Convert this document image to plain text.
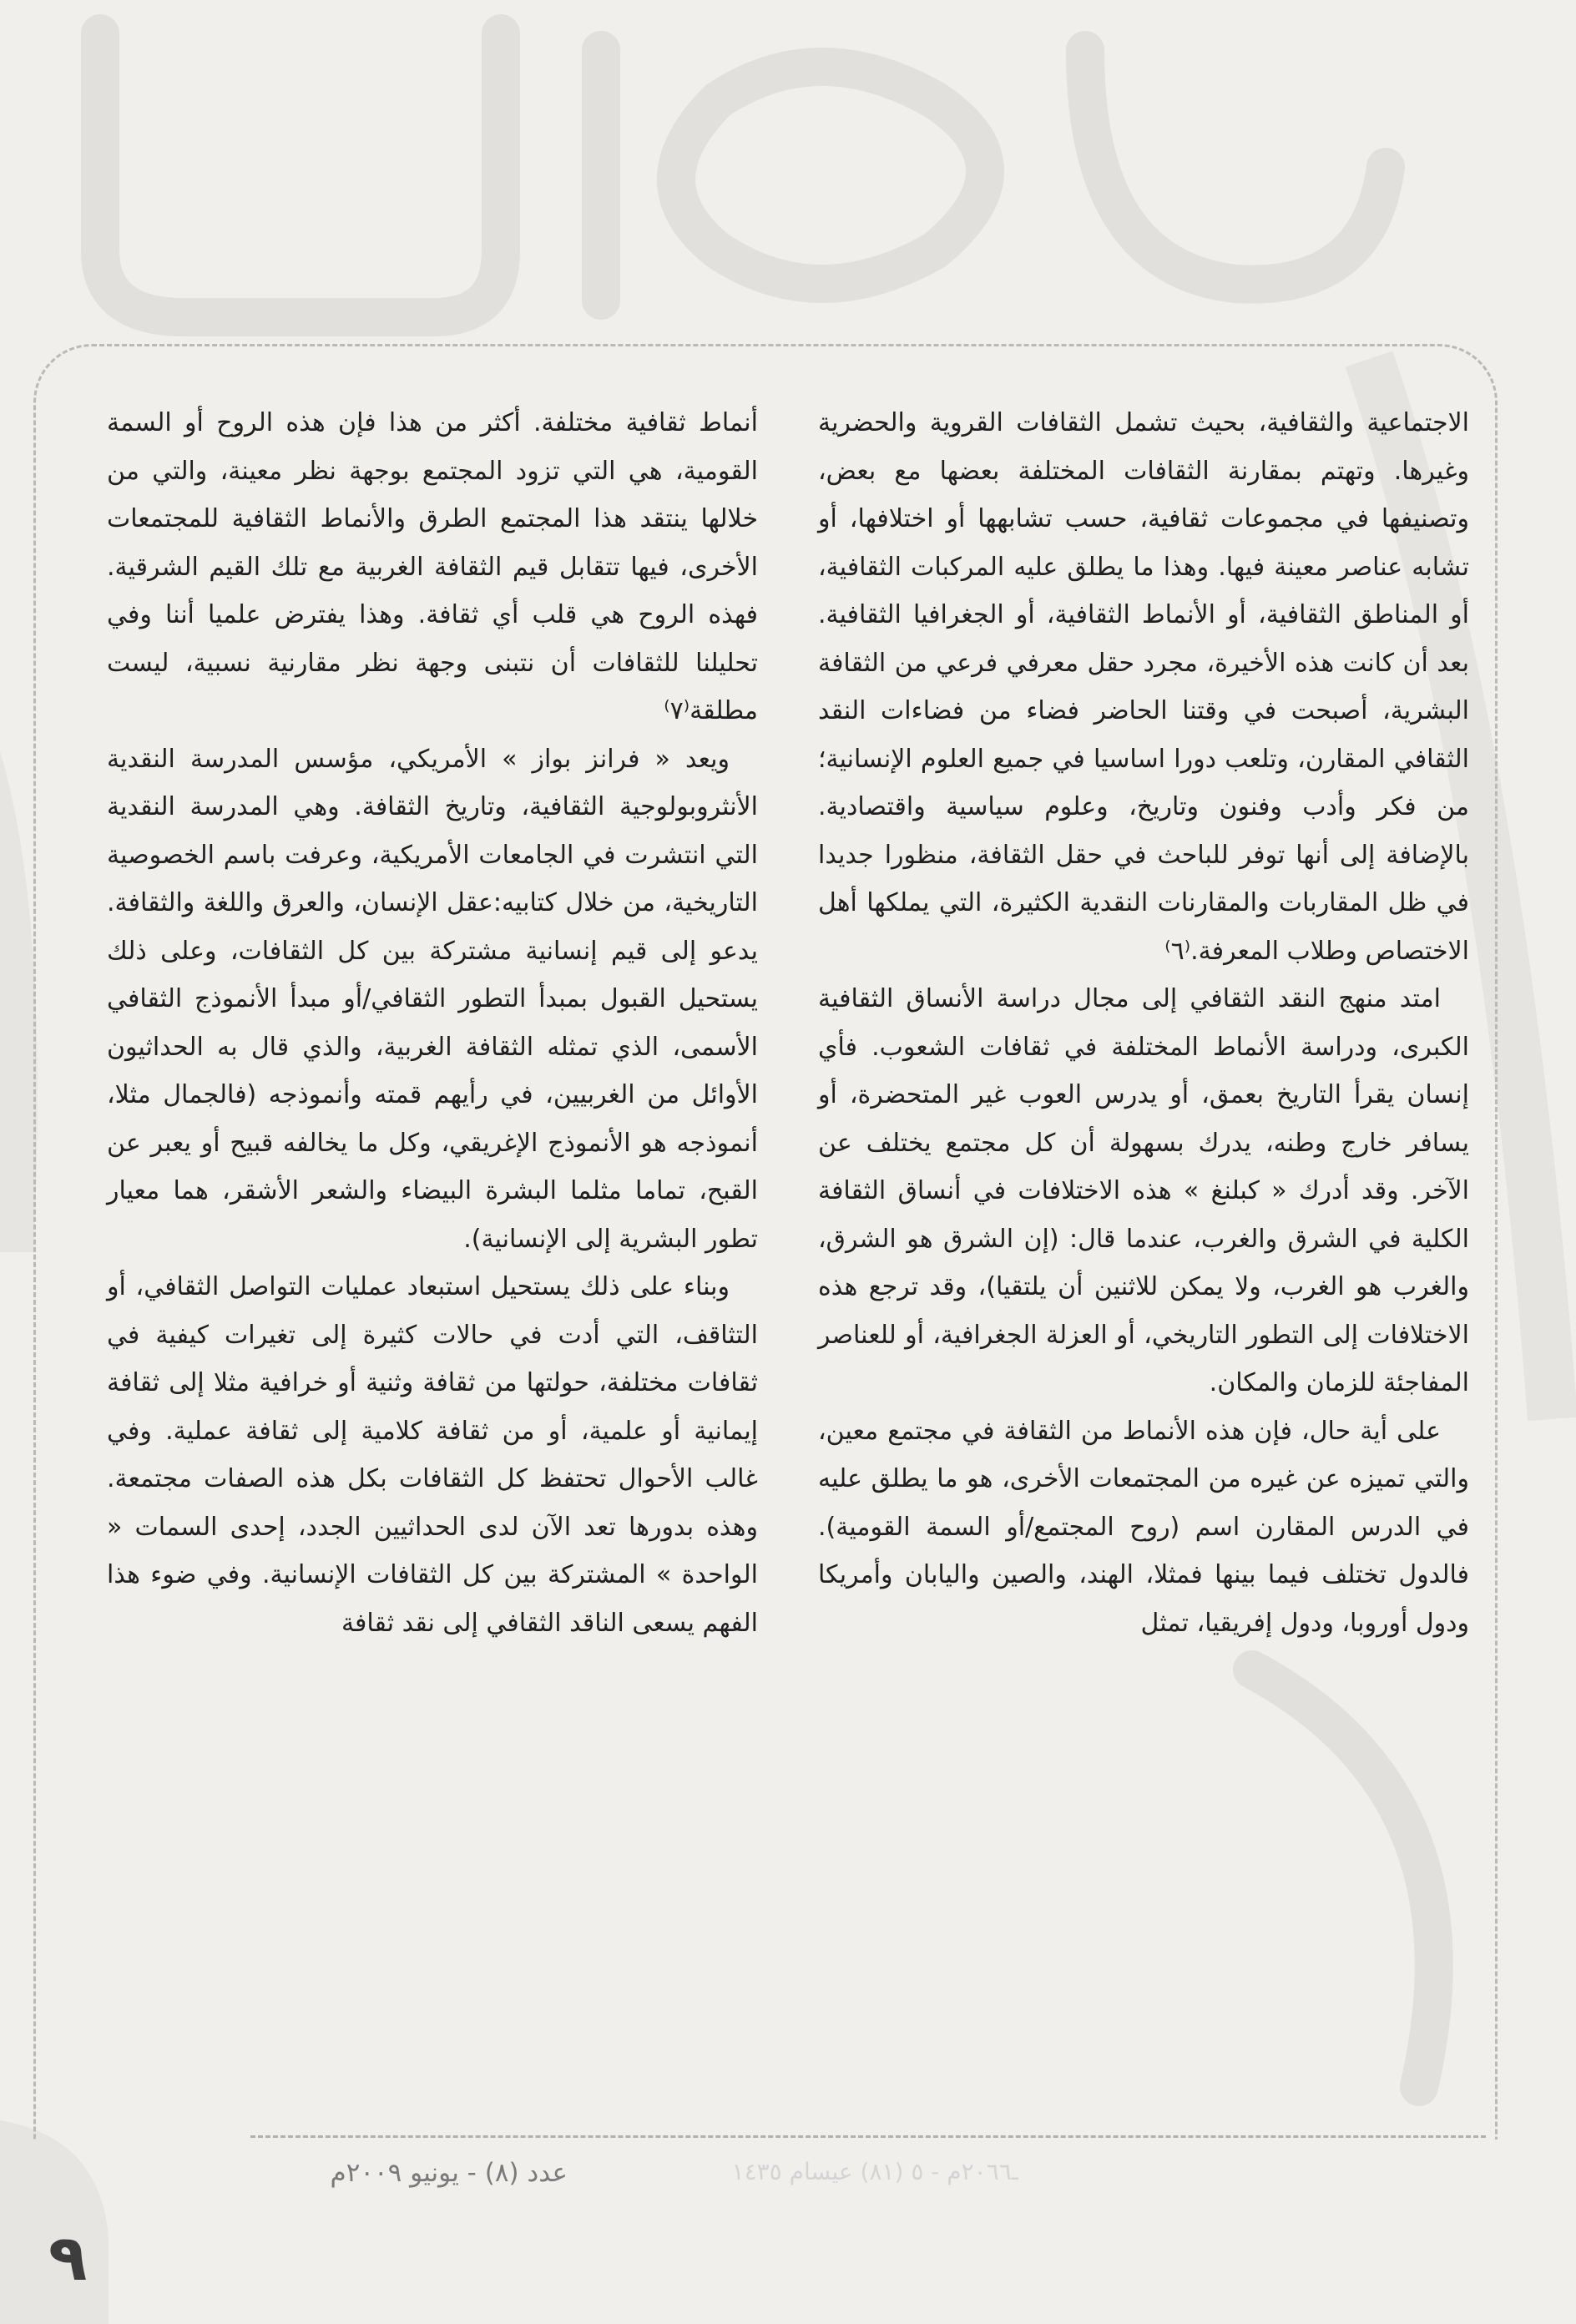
الاجتماعية والثقافية، بحيث تشمل الثقافات القروية والحضرية وغيرها. وتهتم بمقارنة الثقافات المختلفة بعضها مع بعض، وتصنيفها في مجموعات ثقافية، حسب تشابهها أو اختلافها، أو تشابه عناصر معينة فيها. وهذا ما يطلق عليه المركبات الثقافية، أو المناطق الثقافية، أو الأنماط الثقافية، أو الجغرافيا الثقافية. بعد أن كانت هذه الأخيرة، مجرد حقل معرفي فرعي من الثقافة البشرية، أصبحت في وقتنا الحاضر فضاء من فضاءات النقد الثقافي المقارن، وتلعب دورا اساسيا في جميع العلوم الإنسانية؛ من فكر وأدب وفنون وتاريخ، وعلوم سياسية واقتصادية. بالإضافة إلى أنها توفر للباحث في حقل الثقافة، منظورا جديدا في ظل المقاربات والمقارنات النقدية الكثيرة، التي يملكها أهل الاختصاص وطلاب المعرفة.⁽٦⁾

امتد منهج النقد الثقافي إلى مجال دراسة الأنساق الثقافية الكبرى، ودراسة الأنماط المختلفة في ثقافات الشعوب. فأي إنسان يقرأ التاريخ بعمق، أو يدرس العوب غير المتحضرة، أو يسافر خارج وطنه، يدرك بسهولة أن كل مجتمع يختلف عن الآخر. وقد أدرك « كبلنغ » هذه الاختلافات في أنساق الثقافة الكلية في الشرق والغرب، عندما قال: (إن الشرق هو الشرق، والغرب هو الغرب، ولا يمكن للاثنين أن يلتقيا)، وقد ترجع هذه الاختلافات إلى التطور التاريخي، أو العزلة الجغرافية، أو للعناصر المفاجئة للزمان والمكان.

على أية حال، فإن هذه الأنماط من الثقافة في مجتمع معين، والتي تميزه عن غيره من المجتمعات الأخرى، هو ما يطلق عليه في الدرس المقارن اسم (روح المجتمع/أو السمة القومية). فالدول تختلف فيما بينها فمثلا، الهند، والصين واليابان وأمريكا ودول أوروبا، ودول إفريقيا، تمثل

أنماط ثقافية مختلفة. أكثر من هذا فإن هذه الروح أو السمة القومية، هي التي تزود المجتمع بوجهة نظر معينة، والتي من خلالها ينتقد هذا المجتمع الطرق والأنماط الثقافية للمجتمعات الأخرى، فيها تتقابل قيم الثقافة الغربية مع تلك القيم الشرقية. فهذه الروح هي قلب أي ثقافة. وهذا يفترض علميا أننا وفي تحليلنا للثقافات أن نتبنى وجهة نظر مقارنية نسبية، ليست مطلقة⁽٧⁾

ويعد « فرانز بواز » الأمريكي، مؤسس المدرسة النقدية الأنثروبولوجية الثقافية، وتاريخ الثقافة. وهي المدرسة النقدية التي انتشرت في الجامعات الأمريكية، وعرفت باسم الخصوصية التاريخية، من خلال كتابيه:عقل الإنسان، والعرق واللغة والثقافة. يدعو إلى قيم إنسانية مشتركة بين كل الثقافات، وعلى ذلك يستحيل القبول بمبدأ التطور الثقافي/أو مبدأ الأنموذج الثقافي الأسمى، الذي تمثله الثقافة الغربية، والذي قال به الحداثيون الأوائل من الغربيين، في رأيهم قمته وأنموذجه (فالجمال مثلا، أنموذجه هو الأنموذج الإغريقي، وكل ما يخالفه قبيح أو يعبر عن القبح، تماما مثلما البشرة البيضاء والشعر الأشقر، هما معيار تطور البشرية إلى الإنسانية).

وبناء على ذلك يستحيل استبعاد عمليات التواصل الثقافي، أو التثاقف، التي أدت في حالات كثيرة إلى تغيرات كيفية في ثقافات مختلفة، حولتها من ثقافة وثنية أو خرافية مثلا إلى ثقافة إيمانية أو علمية، أو من ثقافة كلامية إلى ثقافة عملية. وفي غالب الأحوال تحتفظ كل الثقافات بكل هذه الصفات مجتمعة. وهذه بدورها تعد الآن لدى الحداثيين الجدد، إحدى السمات « الواحدة » المشتركة بين كل الثقافات الإنسانية. وفي ضوء هذا الفهم يسعى الناقد الثقافي إلى نقد ثقافة

ـ٢٠٦٦م - ٥ (٨١) عيسام ١٤٣٥
عدد (٨) - يونيو ٢٠٠٩م
٩
